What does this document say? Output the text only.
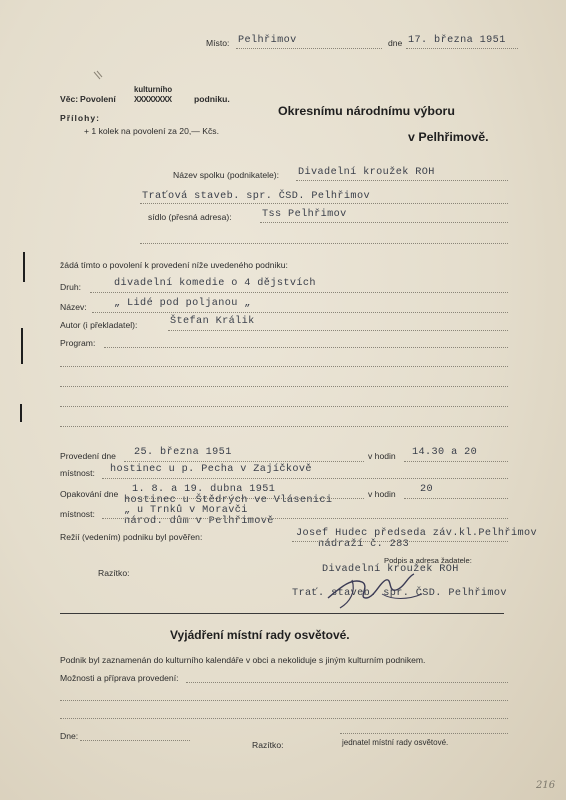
Místo: Pelhřimov	dne 17. března 1951
Věc: Povolení
kulturního
XXXXXXXX	podniku.
Přílohy:
+ 1 kolek na povolení za 20,— Kčs.
Okresnímu národnímu výboru
v Pelhřimově.
Název spolku (podnikatele): Divadelní kroužek ROH
Traťová staveb. spr. ČSD. Pelhřimov
sídlo (přesná adresa):	Tss Pelhřimov
žádá tímto o povolení k provedení níže uvedeného podniku:
Druh:	divadelní komedie o 4 dějstvích
Název:	„ Lidé pod poljanou „
Autor (i překladatel):	Štefan Králik
Program:
Provedení dne 25. března 1951	v hodin 14.30 a 20
místnost: hostinec u p. Pecha v Zajíčkově
Opakování dne 1. 8. a 19. dubna 1951	v hodin 20
místnost:
hostinec u Štědrých ve Vlásenici
„ u Trnků v Moravči
národ. dům v Pelhřimově
Režií (vedením) podniku byl pověřen:	Josef Hudec předseda záv.kl.Pelhřimov
nádraží č. 283
Podpis a adresa žadatele:
Razítko:	Divadelní kroužek ROH
Trať. staveb. spr. ČSD. Pelhřimov
Vyjádření místní rady osvětové.
Podnik byl zaznamenán do kulturního kalendáře v obci a nekoliduje s jiným kulturním podnikem.
Možnosti a příprava provedení:
Dne:
Razítko:	jednatel místní rady osvětové.
216
